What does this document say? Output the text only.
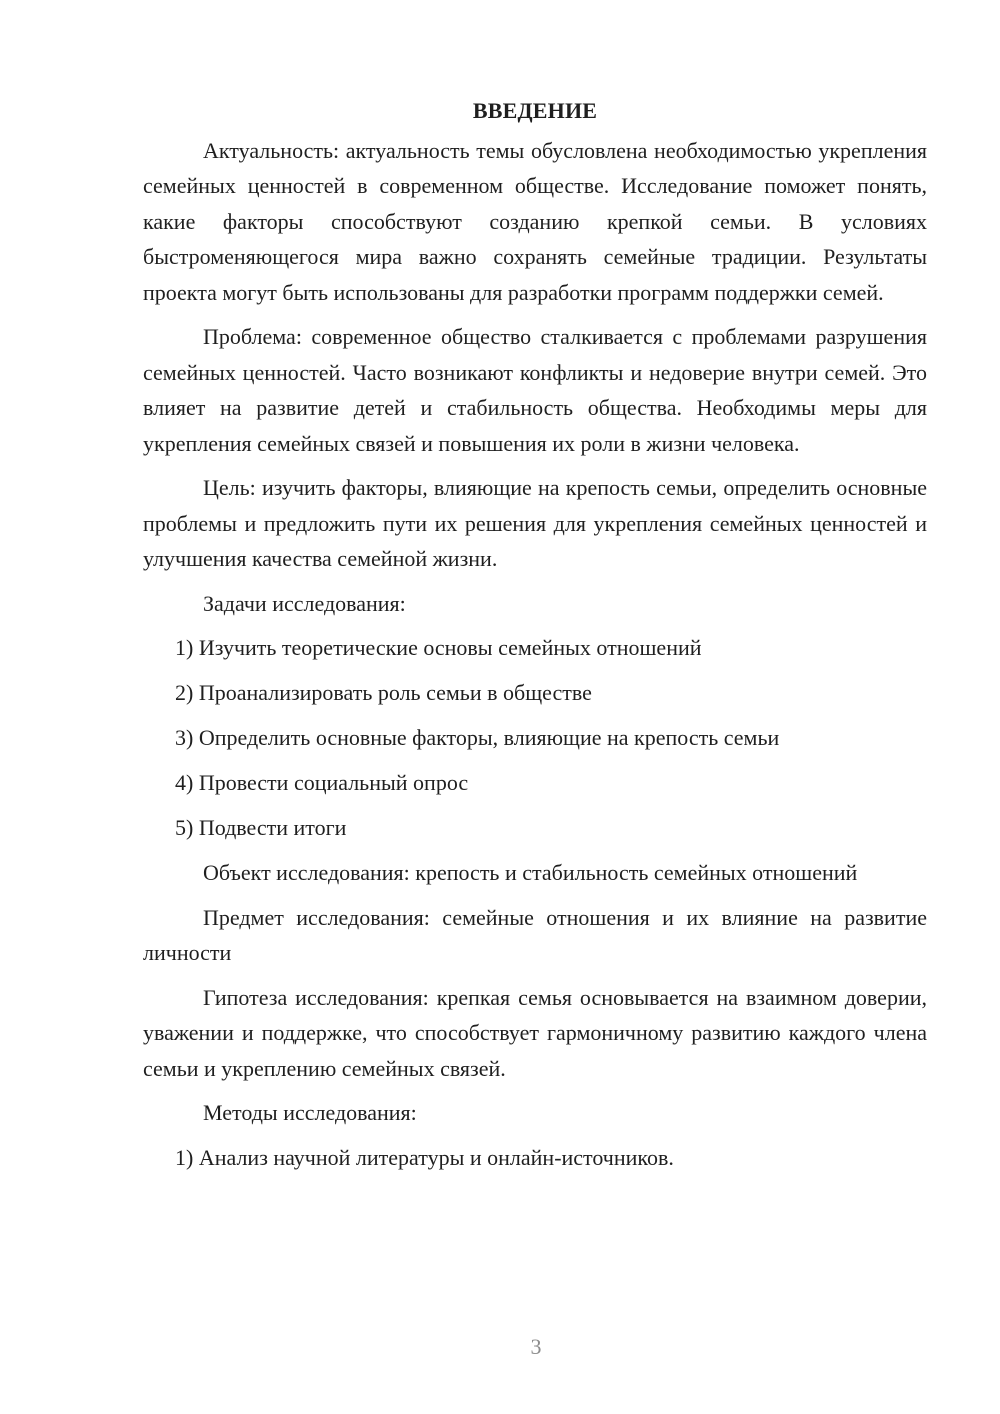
ВВЕДЕНИЕ

Актуальность: актуальность темы обусловлена необходимостью укрепления семейных ценностей в современном обществе. Исследование поможет понять, какие факторы способствуют созданию крепкой семьи. В условиях быстроменяющегося мира важно сохранять семейные традиции. Результаты проекта могут быть использованы для разработки программ поддержки семей.

Проблема: современное общество сталкивается с проблемами разрушения семейных ценностей. Часто возникают конфликты и недоверие внутри семей. Это влияет на развитие детей и стабильность общества. Необходимы меры для укрепления семейных связей и повышения их роли в жизни человека.

Цель: изучить факторы, влияющие на крепость семьи, определить основные проблемы и предложить пути их решения для укрепления семейных ценностей и улучшения качества семейной жизни.

Задачи исследования:
1) Изучить теоретические основы семейных отношений
2) Проанализировать роль семьи в обществе
3) Определить основные факторы, влияющие на крепость семьи
4) Провести социальный опрос
5) Подвести итоги

Объект исследования: крепость и стабильность семейных отношений

Предмет исследования: семейные отношения и их влияние на развитие личности

Гипотеза исследования: крепкая семья основывается на взаимном доверии, уважении и поддержке, что способствует гармоничному развитию каждого члена семьи и укреплению семейных связей.

Методы исследования:
1) Анализ научной литературы и онлайн-источников.
3
